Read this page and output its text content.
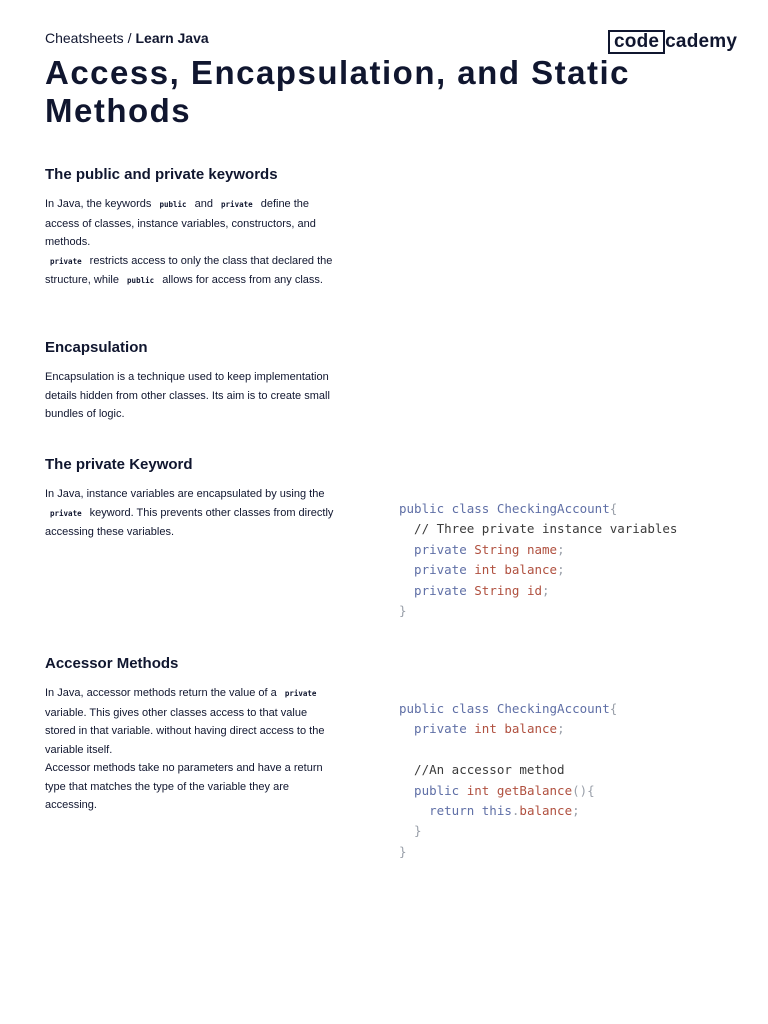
Cheatsheets / Learn Java	code cademy
Access, Encapsulation, and Static Methods
The public and private keywords

In Java, the keywords public and private define the access of classes, instance variables, constructors, and methods.
private restricts access to only the class that declared the structure, while public allows for access from any class.

Encapsulation

Encapsulation is a technique used to keep implementation details hidden from other classes. Its aim is to create small bundles of logic.

The private Keyword

In Java, instance variables are encapsulated by using the private keyword. This prevents other classes from directly accessing these variables.

public class CheckingAccount{
// Three private instance variables
private String name;
private int balance;
private String id;
}
Accessor Methods

In Java, accessor methods return the value of a private variable. This gives other classes access to that value stored in that variable. without having direct access to the variable itself.
Accessor methods take no parameters and have a return type that matches the type of the variable they are accessing.

public class CheckingAccount{
private int balance;

//An accessor method
public int getBalance(){
return this.balance;
}
}
